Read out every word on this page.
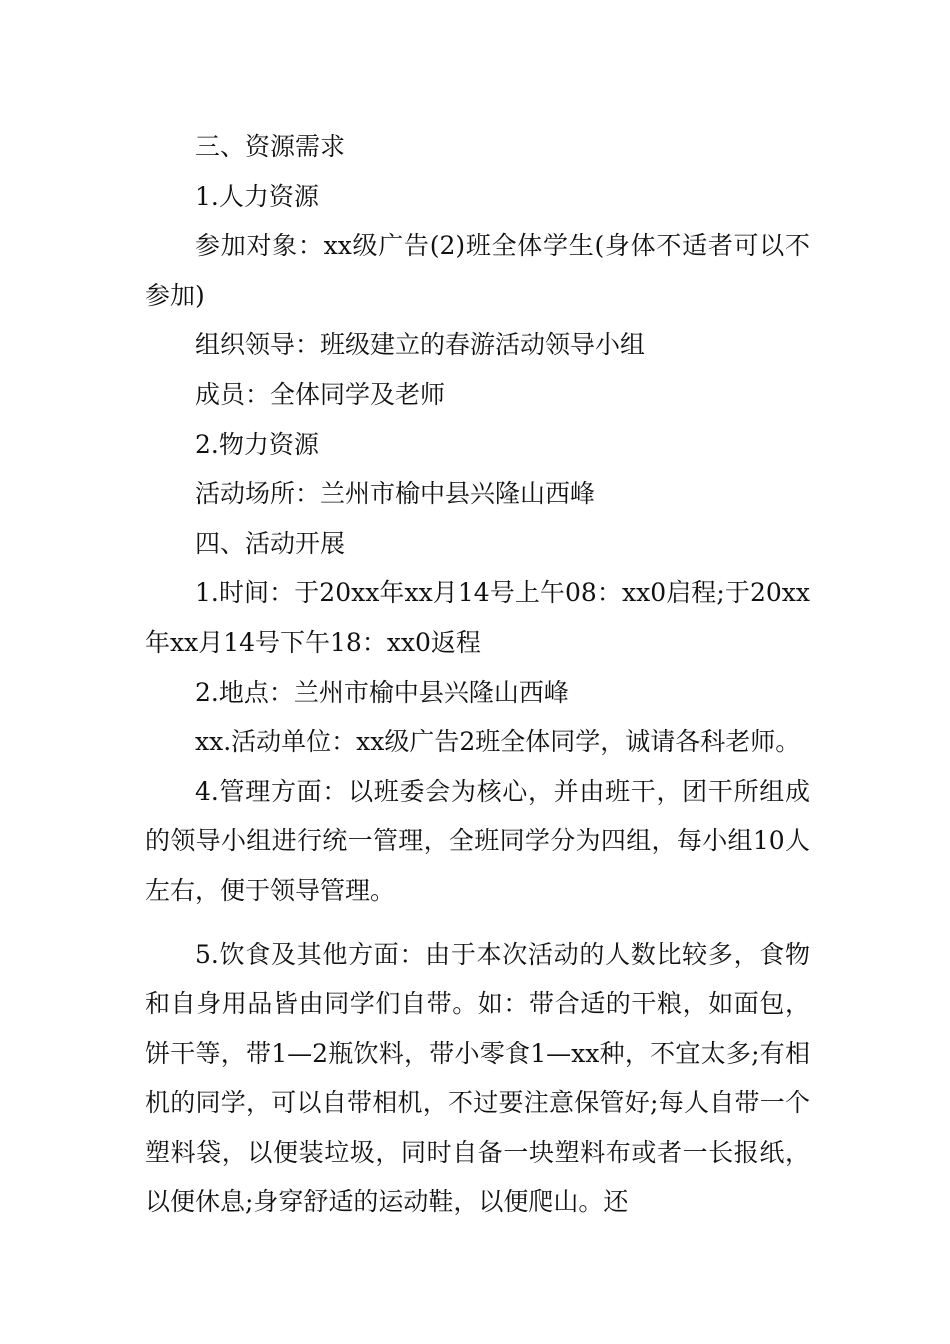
三、资源需求

1.人力资源

参加对象：xx级广告(2)班全体学生(身体不适者可以不参加)

组织领导：班级建立的春游活动领导小组

成员：全体同学及老师

2.物力资源

活动场所：兰州市榆中县兴隆山西峰

四、活动开展

1.时间：于20xx年xx月14号上午08：xx0启程;于20xx年xx月14号下午18：xx0返程

2.地点：兰州市榆中县兴隆山西峰

xx.活动单位：xx级广告2班全体同学，诚请各科老师。

4.管理方面：以班委会为核心，并由班干，团干所组成的领导小组进行统一管理，全班同学分为四组，每小组10人左右，便于领导管理。

5.饮食及其他方面：由于本次活动的人数比较多，食物和自身用品皆由同学们自带。如：带合适的干粮，如面包，饼干等，带1—2瓶饮料，带小零食1—xx种，不宜太多;有相机的同学，可以自带相机，不过要注意保管好;每人自带一个塑料袋，以便装垃圾，同时自备一块塑料布或者一长报纸，以便休息;身穿舒适的运动鞋，以便爬山。还
